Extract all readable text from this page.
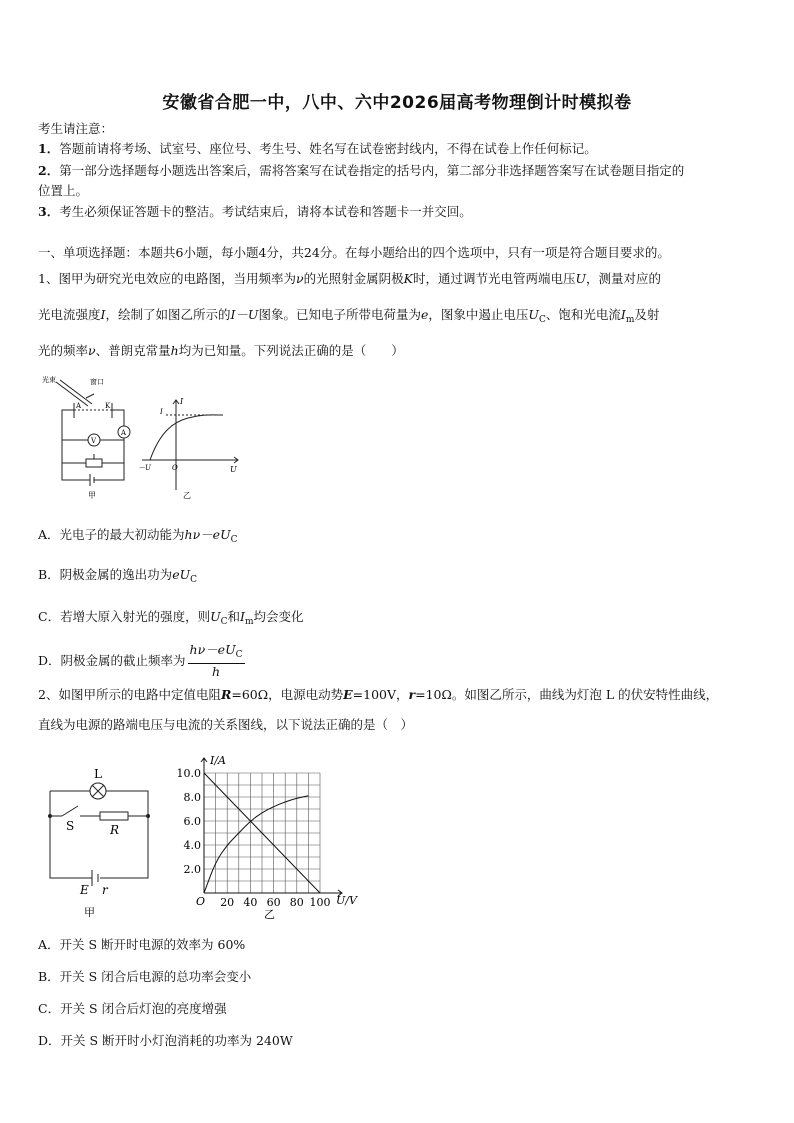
安徽省合肥一中，八中、六中2026届高考物理倒计时模拟卷
考生请注意：
1．答题前请将考场、试室号、座位号、考生号、姓名写在试卷密封线内，不得在试卷上作任何标记。
2．第一部分选择题每小题选出答案后，需将答案写在试卷指定的括号内，第二部分非选择题答案写在试卷题目指定的
位置上。
3．考生必须保证答题卡的整洁。考试结束后，请将本试卷和答题卡一并交回。
一、单项选择题：本题共6小题，每小题4分，共24分。在每小题给出的四个选项中，只有一项是符合题目要求的。
1、图甲为研究光电效应的电路图，当用频率为ν的光照射金属阴极K时，通过调节光电管两端电压U，测量对应的
光电流强度I，绘制了如图乙所示的I－U图象。已知电子所带电荷量为e，图象中遏止电压$U_C$、饱和光电流$I_m$及射
光的频率ν、普朗克常量h均为已知量。下列说法正确的是（　　）
光束	窗口
A	K
V
A
甲
I
I
U
－U	O
乙
A．光电子的最大初动能为$h\nu-eU_C$
B．阴极金属的逸出功为$eU_C$
C．若增大原入射光的强度，则$U_C$和$I_m$均会变化
D．阴极金属的截止频率为 $\frac{h\nu-eU_C}{h}$
2、如图甲所示的电路中定值电阻R=60Ω，电源电动势E=100V，r=10Ω。如图乙所示，曲线为灯泡 L 的伏安特性曲线，
直线为电源的路端电压与电流的关系图线，以下说法正确的是（　）
L
S	R
E r
甲
2.0
4.0
6.0
8.0
10.0
20 40 60 80 100
I/A
U/V
O
乙
A．开关 S 断开时电源的效率为 60%
B．开关 S 闭合后电源的总功率会变小
C．开关 S 闭合后灯泡的亮度增强
D．开关 S 断开时小灯泡消耗的功率为 240W
